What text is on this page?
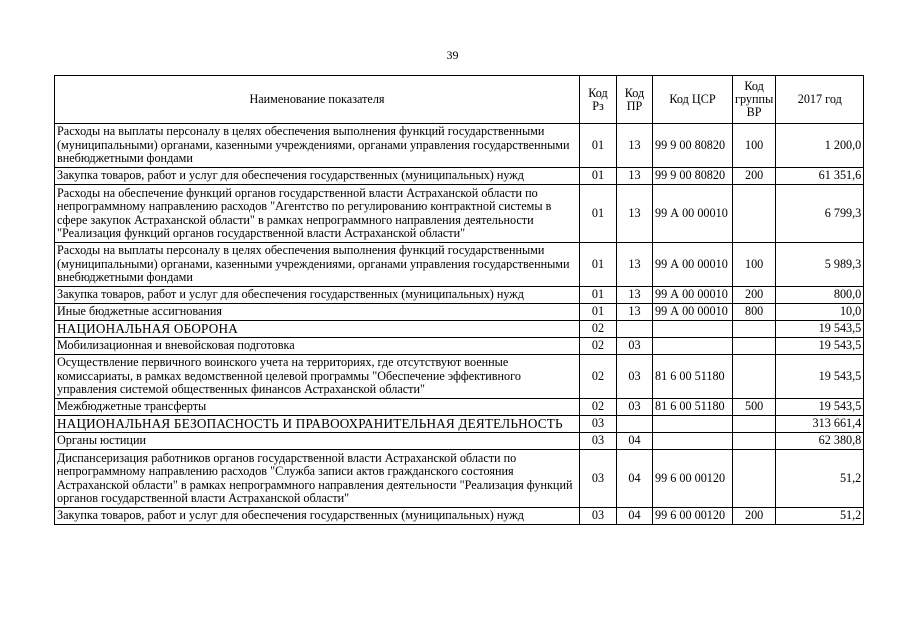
39
Наименование показателя	Код Рз	Код ПР	Код ЦСР	Код группы ВР	2017 год
Расходы на выплаты персоналу в целях обеспечения выполнения функций государственными (муниципальными) органами, казенными учреждениями, органами управления государственными внебюджетными фондами	01	13	99 9 00 80820	100	1 200,0
Закупка товаров, работ и услуг для обеспечения государственных (муниципальных) нужд	01	13	99 9 00 80820	200	61 351,6
Расходы на обеспечение функций органов государственной власти Астраханской области по непрограммному направлению расходов "Агентство по регулированию контрактной системы в сфере закупок Астраханской области" в рамках непрограммного направления деятельности "Реализация функций органов государственной власти Астраханской области"	01	13	99 А 00 00010		6 799,3
Расходы на выплаты персоналу в целях обеспечения выполнения функций государственными (муниципальными) органами, казенными учреждениями, органами управления государственными внебюджетными фондами	01	13	99 А 00 00010	100	5 989,3
Закупка товаров, работ и услуг для обеспечения государственных (муниципальных) нужд	01	13	99 А 00 00010	200	800,0
Иные бюджетные ассигнования	01	13	99 А 00 00010	800	10,0
НАЦИОНАЛЬНАЯ ОБОРОНА	02				19 543,5
Мобилизационная и вневойсковая подготовка	02	03			19 543,5
Осуществление первичного воинского учета на территориях, где отсутствуют военные комиссариаты, в рамках ведомственной целевой программы "Обеспечение эффективного управления системой общественных финансов Астраханской области"	02	03	81 6 00 51180		19 543,5
Межбюджетные трансферты	02	03	81 6 00 51180	500	19 543,5
НАЦИОНАЛЬНАЯ БЕЗОПАСНОСТЬ И ПРАВООХРАНИТЕЛЬНАЯ ДЕЯТЕЛЬНОСТЬ	03				313 661,4
Органы юстиции	03	04			62 380,8
Диспансеризация работников органов государственной власти Астраханской области по непрограммному направлению расходов "Служба записи актов гражданского состояния Астраханской области" в рамках непрограммного направления деятельности "Реализация функций органов государственной власти Астраханской области"	03	04	99 6 00 00120		51,2
Закупка товаров, работ и услуг для обеспечения государственных (муниципальных) нужд	03	04	99 6 00 00120	200	51,2
